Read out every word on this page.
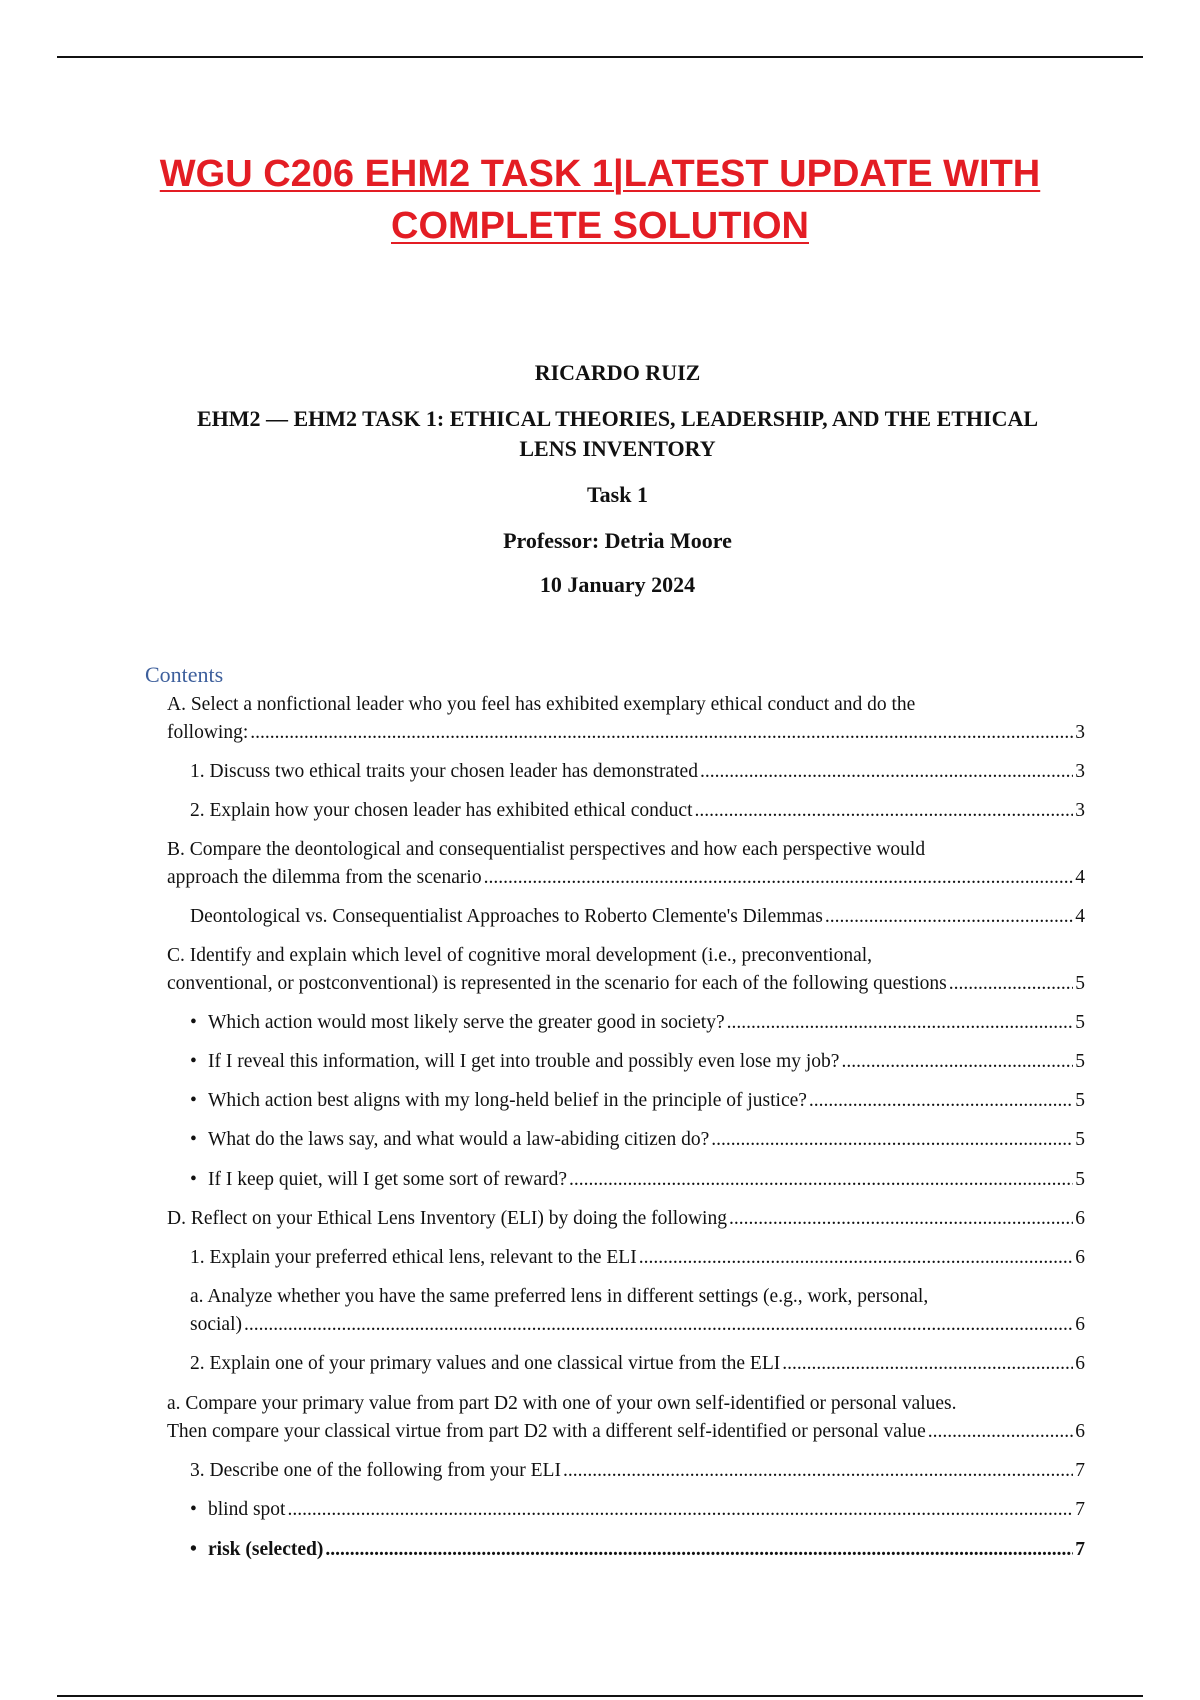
WGU C206 EHM2 TASK 1|LATEST UPDATE WITH
COMPLETE SOLUTION

RICARDO RUIZ

EHM2 — EHM2 TASK 1: ETHICAL THEORIES, LEADERSHIP, AND THE ETHICAL
LENS INVENTORY

Task 1

Professor: Detria Moore

10 January 2024

Contents
A. Select a nonfictional leader who you feel has exhibited exemplary ethical conduct and do the
following: .....	3
1. Discuss two ethical traits your chosen leader has demonstrated .....	3
2. Explain how your chosen leader has exhibited ethical conduct .....	3
B. Compare the deontological and consequentialist perspectives and how each perspective would
approach the dilemma from the scenario .....	4
Deontological vs. Consequentialist Approaches to Roberto Clemente's Dilemmas .....	4
C. Identify and explain which level of cognitive moral development (i.e., preconventional,
conventional, or postconventional) is represented in the scenario for each of the following questions .....	5
• Which action would most likely serve the greater good in society? .....	5
• If I reveal this information, will I get into trouble and possibly even lose my job? .....	5
• Which action best aligns with my long-held belief in the principle of justice? .....	5
• What do the laws say, and what would a law-abiding citizen do? .....	5
• If I keep quiet, will I get some sort of reward? .....	5
D. Reflect on your Ethical Lens Inventory (ELI) by doing the following .....	6
1. Explain your preferred ethical lens, relevant to the ELI .....	6
a. Analyze whether you have the same preferred lens in different settings (e.g., work, personal,
social) .....	6
2. Explain one of your primary values and one classical virtue from the ELI .....	6
a. Compare your primary value from part D2 with one of your own self-identified or personal values.
Then compare your classical virtue from part D2 with a different self-identified or personal value .....	6
3. Describe one of the following from your ELI .....	7
• blind spot .....	7
• risk (selected) .....	7
